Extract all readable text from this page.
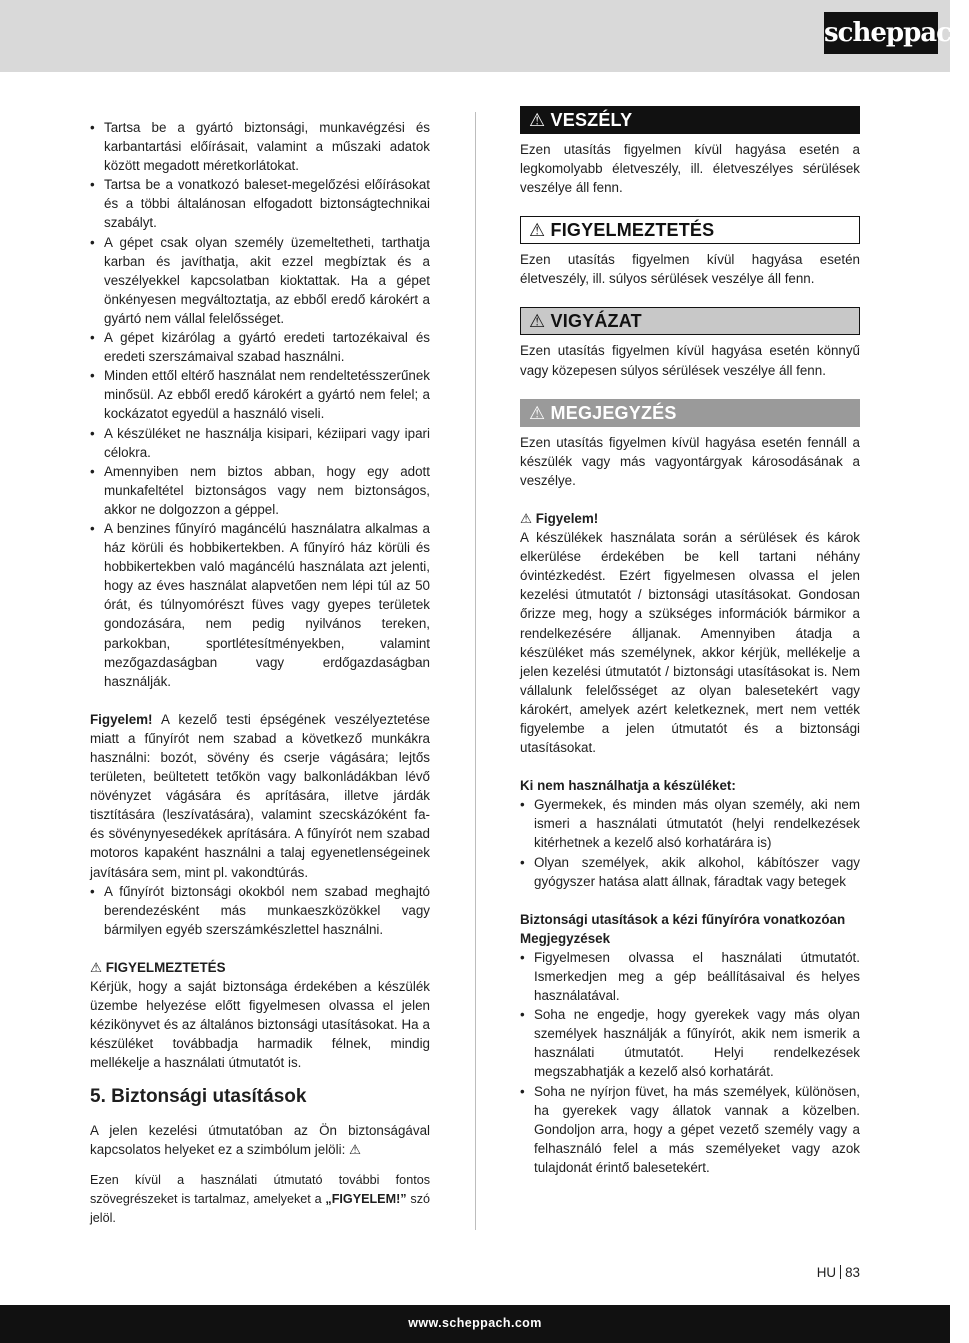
scheppach
• Tartsa be a gyártó biztonsági, munkavégzési és karbantartási előírásait, valamint a műszaki adatok között megadott méretkorlátokat.
• Tartsa be a vonatkozó baleset-megelőzési előírásokat és a többi általánosan elfogadott biztonságtechnikai szabályt.
• A gépet csak olyan személy üzemeltetheti, tarthatja karban és javíthatja, akit ezzel megbíztak és a veszélyekkel kapcsolatban kioktattak. Ha a gépet önkényesen megváltoztatja, az ebből eredő károkért a gyártó nem vállal felelősséget.
• A gépet kizárólag a gyártó eredeti tartozékaival és eredeti szerszámaival szabad használni.
• Minden ettől eltérő használat nem rendeltetésszerűnek minősül. Az ebből eredő károkért a gyártó nem felel; a kockázatot egyedül a használó viseli.
• A készüléket ne használja kisipari, kéziipari vagy ipari célokra.
• Amennyiben nem biztos abban, hogy egy adott munkafeltétel biztonságos vagy nem biztonságos, akkor ne dolgozzon a géppel.
• A benzines fűnyíró magáncélú használatra alkalmas a ház körüli és hobbikertekben. A fűnyíró ház körüli és hobbikertekben való magáncélú használata azt jelenti, hogy az éves használat alapvetően nem lépi túl az 50 órát, és túlnyomórészt füves vagy gyepes területek gondozására, nem pedig nyilvános tereken, parkokban, sportlétesítményekben, valamint mezőgazdaságban vagy erdőgazdaságban használják.

Figyelem! A kezelő testi épségének veszélyeztetése miatt a fűnyírót nem szabad a következő munkákra használni: bozót, sövény és cserje vágására; lejtős területen, beültetett tetőkön vagy balkonládákban lévő növényzet vágására és aprítására, illetve járdák tisztítására (leszívatására), valamint szecskázóként fa- és sövénynyesedékek aprítására. A fűnyírót nem szabad motoros kapaként használni a talaj egyenetlenségeinek javítására sem, mint pl. vakondtúrás.

• A fűnyírót biztonsági okokból nem szabad meghajtó berendezésként más munkaeszközökkel vagy bármilyen egyéb szerszámkészlettel használni.
⚠ FIGYELMEZTETÉS

Kérjük, hogy a saját biztonsága érdekében a készülék üzembe helyezése előtt figyelmesen olvassa el jelen kézikönyvet és az általános biztonsági utasításokat. Ha a készüléket továbbadja harmadik félnek, mindig mellékelje a használati útmutatót is.

5. Biztonsági utasítások

A jelen kezelési útmutatóban az Ön biztonságával kapcsolatos helyeket ez a szimbólum jelöli: ⚠

Ezen kívül a használati útmutató további fontos szövegrészeket is tartalmaz, amelyeket a „FIGYELEM!” szó jelöl.

⚠ VESZÉLY

Ezen utasítás figyelmen kívül hagyása esetén a legkomolyabb életveszély, ill. életveszélyes sérülések veszélye áll fenn.

⚠ FIGYELMEZTETÉS

Ezen utasítás figyelmen kívül hagyása esetén életveszély, ill. súlyos sérülések veszélye áll fenn.

⚠ VIGYÁZAT

Ezen utasítás figyelmen kívül hagyása esetén könnyű vagy közepesen súlyos sérülések veszélye áll fenn.

⚠ MEGJEGYZÉS

Ezen utasítás figyelmen kívül hagyása esetén fennáll a készülék vagy más vagyontárgyak károsodásának a veszélye.

⚠ Figyelem!

A készülékek használata során a sérülések és károk elkerülése érdekében be kell tartani néhány óvintézkedést. Ezért figyelmesen olvassa el jelen kezelési útmutatót / biztonsági utasításokat. Gondosan őrizze meg, hogy a szükséges információk bármikor a rendelkezésére álljanak. Amennyiben átadja a készüléket más személynek, akkor kérjük, mellékelje a jelen kezelési útmutatót / biztonsági utasításokat is. Nem vállalunk felelősséget az olyan balesetekért vagy károkért, amelyek azért keletkeznek, mert nem vették figyelembe a jelen útmutatót és a biztonsági utasításokat.

Ki nem használhatja a készüléket:
• Gyermekek, és minden más olyan személy, aki nem ismeri a használati útmutatót (helyi rendelkezések kitérhetnek a kezelő alsó korhatárára is)
• Olyan személyek, akik alkohol, kábítószer vagy gyógyszer hatása alatt állnak, fáradtak vagy betegek
Biztonsági utasítások a kézi fűnyíróra vonatkozóan
Megjegyzések
• Figyelmesen olvassa el használati útmutatót. Ismerkedjen meg a gép beállításaival és helyes használatával.
• Soha ne engedje, hogy gyerekek vagy más olyan személyek használják a fűnyírót, akik nem ismerik a használati útmutatót. Helyi rendelkezések megszabhatják a kezelő alsó korhatárát.
• Soha ne nyírjon füvet, ha más személyek, különösen, ha gyerekek vagy állatok vannak a közelben. Gondoljon arra, hogy a gépet vezető személy vagy a felhasználó felel a más személyeket vagy azok tulajdonát érintő balesetekért.
HU 83
www.scheppach.com
